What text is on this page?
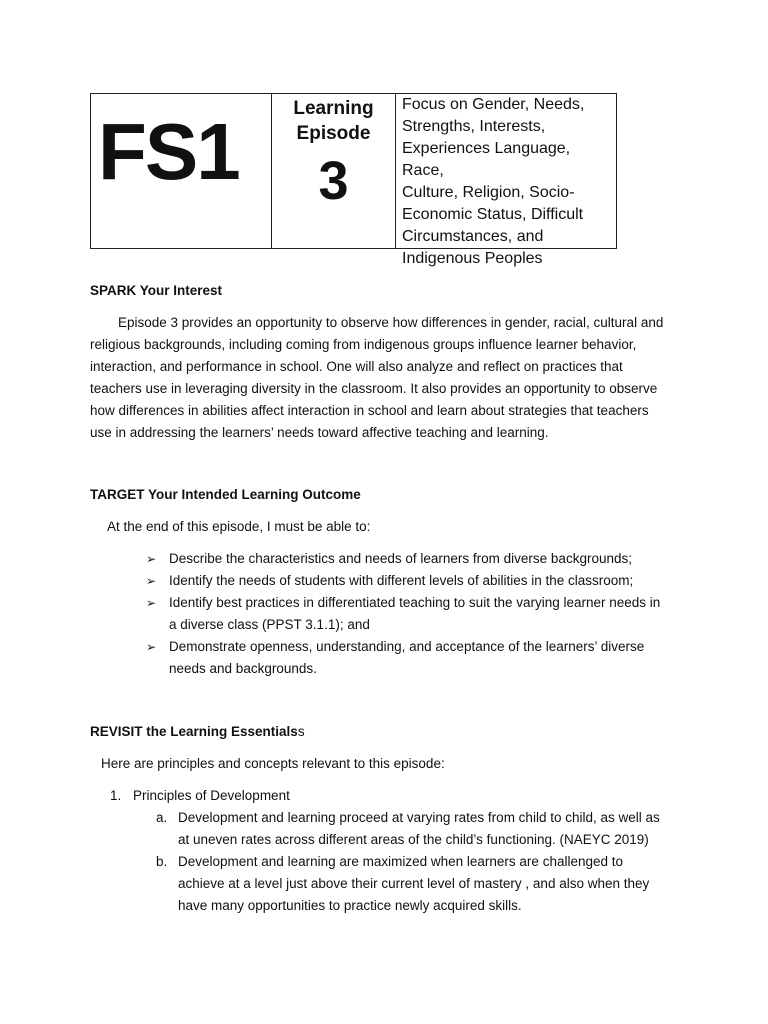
FS1	Learning
Episode
3
Focus on Gender, Needs,
Strengths, Interests,
Experiences Language, Race,
Culture, Religion, Socio-
Economic Status, Difficult
Circumstances, and
Indigenous Peoples
SPARK Your Interest
Episode 3 provides an opportunity to observe how differences in gender, racial, cultural and
religious backgrounds, including coming from indigenous groups influence learner behavior,
interaction, and performance in school. One will also analyze and reflect on practices that
teachers use in leveraging diversity in the classroom. It also provides an opportunity to observe
how differences in abilities affect interaction in school and learn about strategies that teachers
use in addressing the learners’ needs toward affective teaching and learning.
TARGET Your Intended Learning Outcome
At the end of this episode, I must be able to:
➢ Describe the characteristics and needs of learners from diverse backgrounds;
➢ Identify the needs of students with different levels of abilities in the classroom;
➢ Identify best practices in differentiated teaching to suit the varying learner needs in
a diverse class (PPST 3.1.1); and
➢ Demonstrate openness, understanding, and acceptance of the learners’ diverse
needs and backgrounds.
REVISIT the Learning Essentialss
Here are principles and concepts relevant to this episode:
1. Principles of Development
a. Development and learning proceed at varying rates from child to child, as well as
at uneven rates across different areas of the child’s functioning. (NAEYC 2019)
b. Development and learning are maximized when learners are challenged to
achieve at a level just above their current level of mastery , and also when they
have many opportunities to practice newly acquired skills.
